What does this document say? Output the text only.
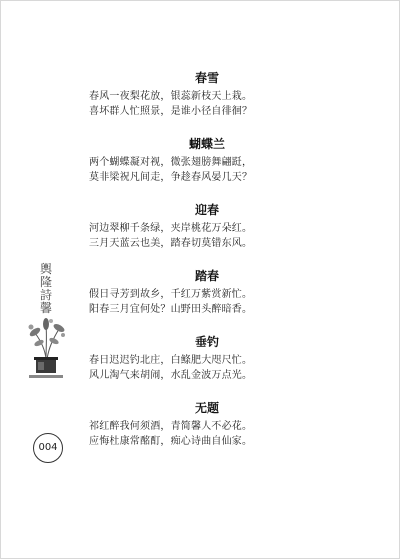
輿
隆
詩
馨
004
春雪
春风一夜梨花放，银蕊新枝天上栽。
喜坏群人忙照景，是谁小径自徘徊？
蝴蝶兰
两个蝴蝶凝对视，微张翅膀舞翩跹，
莫非梁祝凡间走，争趁春风晏几天？
迎春
河边翠柳千条绿，夹岸桃花万朵红。
三月天蓝云也美，踏春切莫错东风。
踏春
假日寻芳到故乡，千红万紫赏新忙。
阳春三月宜何处？山野田头醉暗香。
垂钓
春日迟迟钓北庄，白鲦肥大咫尺忙。
风儿淘气来胡闹，水乱金波万点光。
无题
祁红醉我何须酒，青简馨人不必花。
应悔杜康常酩酊，痴心诗曲自仙家。
